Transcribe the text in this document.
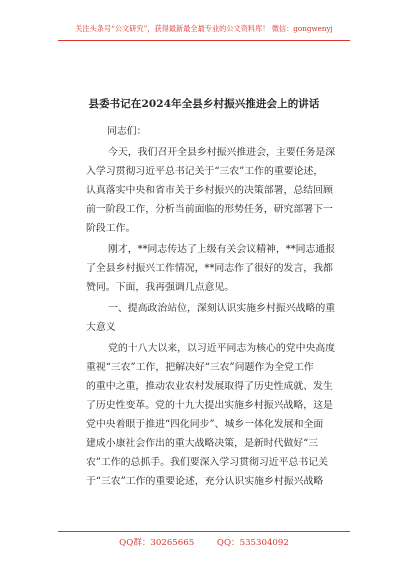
关注头条号“公文研究”，获得最新最全最专业的公文资料库！ 微信：gongwenyj
县委书记在2024年全县乡村振兴推进会上的讲话

同志们：

今天，我们召开全县乡村振兴推进会，主要任务是深
入学习贯彻习近平总书记关于“三农”工作的重要论述，
认真落实中央和省市关于乡村振兴的决策部署，总结回顾
前一阶段工作，分析当前面临的形势任务，研究部署下一
阶段工作。

刚才，**同志传达了上级有关会议精神，**同志通报
了全县乡村振兴工作情况，**同志作了很好的发言，我都
赞同。下面，我再强调几点意见。

一、提高政治站位，深刻认识实施乡村振兴战略的重
大意义

党的十八大以来，以习近平同志为核心的党中央高度
重视“三农”工作，把解决好“三农”问题作为全党工作
的重中之重，推动农业农村发展取得了历史性成就、发生
了历史性变革。党的十九大提出实施乡村振兴战略，这是
党中央着眼于推进“四化同步”、城乡一体化发展和全面
建成小康社会作出的重大战略决策，是新时代做好“三
农”工作的总抓手。我们要深入学习贯彻习近平总书记关
于“三农”工作的重要论述，充分认识实施乡村振兴战略

QQ群：30265665	QQ：535304092
